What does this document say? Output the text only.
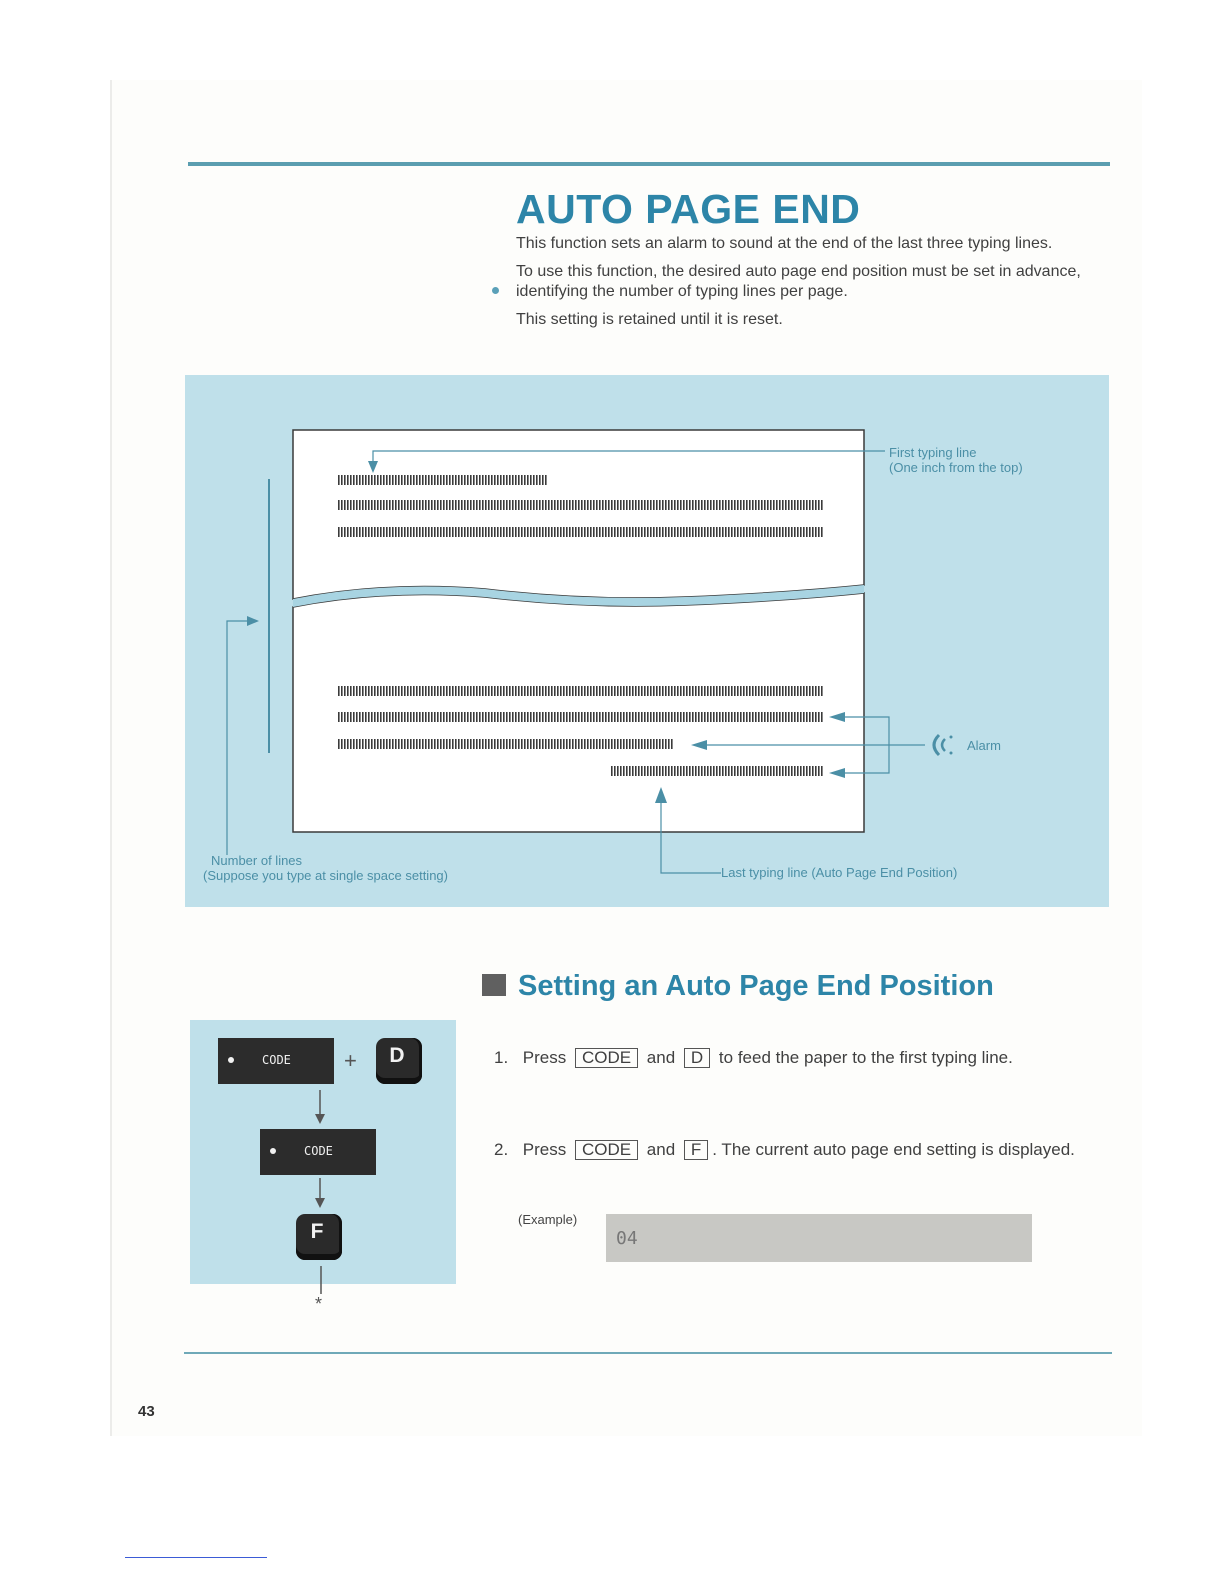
AUTO PAGE END

This function sets an alarm to sound at the end of the last three typing lines.

To use this function, the desired auto page end position must be set in advance, identifying the number of typing lines per page.

This setting is retained until it is reset.

First typing line
(One inch from the top)
Alarm
Number of lines
(Suppose you type at single space setting)	Last typing line (Auto Page End Position)
Setting an Auto Page End Position
1. Press CODE and D to feed the paper to the first typing line.
2. Press CODE and F . The current auto page end setting is displayed.
(Example)
04
CODE +	D
CODE
F
*
43
